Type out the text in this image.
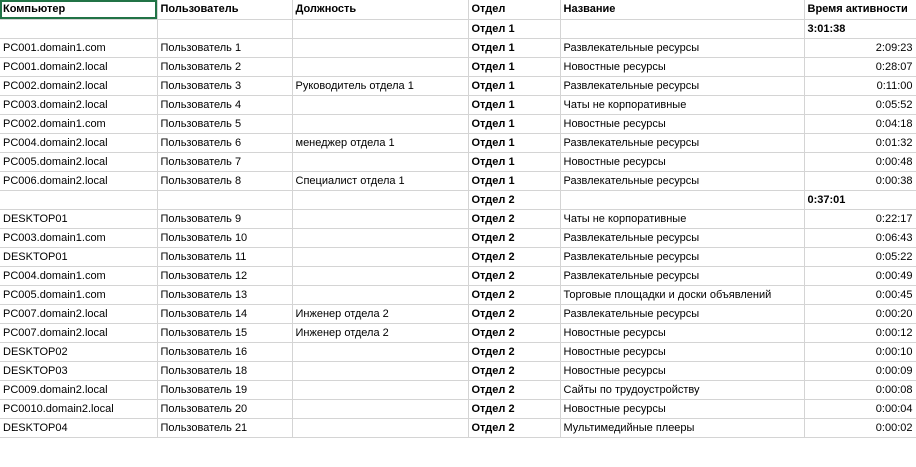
Компьютер	Пользователь	Должность	Отдел	Название	Время активности
			Отдел 1		3:01:38
PC001.domain1.com	Пользователь 1		Отдел 1	Развлекательные ресурсы	2:09:23
PC001.domain2.local	Пользователь 2		Отдел 1	Новостные ресурсы	0:28:07
PC002.domain2.local	Пользователь 3	Руководитель отдела 1	Отдел 1	Развлекательные ресурсы	0:11:00
PC003.domain2.local	Пользователь 4		Отдел 1	Чаты не корпоративные	0:05:52
PC002.domain1.com	Пользователь 5		Отдел 1	Новостные ресурсы	0:04:18
PC004.domain2.local	Пользователь 6	менеджер отдела 1	Отдел 1	Развлекательные ресурсы	0:01:32
PC005.domain2.local	Пользователь 7		Отдел 1	Новостные ресурсы	0:00:48
PC006.domain2.local	Пользователь 8	Специалист отдела 1	Отдел 1	Развлекательные ресурсы	0:00:38
			Отдел 2		0:37:01
DESKTOP01	Пользователь 9		Отдел 2	Чаты не корпоративные	0:22:17
PC003.domain1.com	Пользователь 10		Отдел 2	Развлекательные ресурсы	0:06:43
DESKTOP01	Пользователь 11		Отдел 2	Развлекательные ресурсы	0:05:22
PC004.domain1.com	Пользователь 12		Отдел 2	Развлекательные ресурсы	0:00:49
PC005.domain1.com	Пользователь 13		Отдел 2	Торговые площадки и доски объявлений	0:00:45
PC007.domain2.local	Пользователь 14	Инженер отдела 2	Отдел 2	Развлекательные ресурсы	0:00:20
PC007.domain2.local	Пользователь 15	Инженер отдела 2	Отдел 2	Новостные ресурсы	0:00:12
DESKTOP02	Пользователь 16		Отдел 2	Новостные ресурсы	0:00:10
DESKTOP03	Пользователь 18		Отдел 2	Новостные ресурсы	0:00:09
PC009.domain2.local	Пользователь 19		Отдел 2	Сайты по трудоустройству	0:00:08
PC0010.domain2.local	Пользователь 20		Отдел 2	Новостные ресурсы	0:00:04
DESKTOP04	Пользователь 21		Отдел 2	Мультимедийные плееры	0:00:02
